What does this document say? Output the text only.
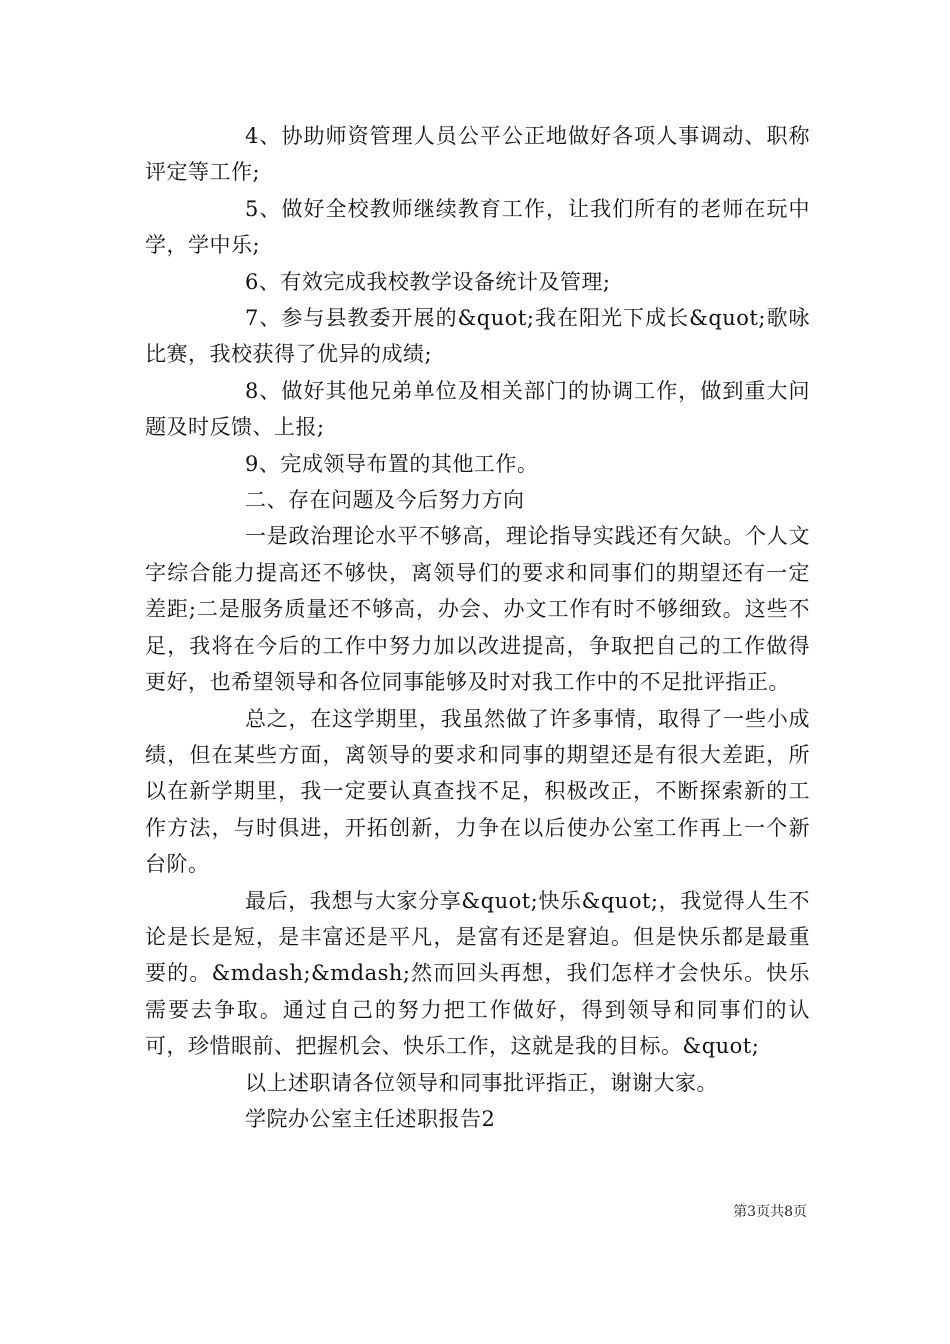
4、协助师资管理人员公平公正地做好各项人事调动、职称评定等工作;

5、做好全校教师继续教育工作，让我们所有的老师在玩中学，学中乐;

6、有效完成我校教学设备统计及管理;

7、参与县教委开展的&quot;我在阳光下成长&quot;歌咏比赛，我校获得了优异的成绩;

8、做好其他兄弟单位及相关部门的协调工作，做到重大问题及时反馈、上报;

9、完成领导布置的其他工作。

二、存在问题及今后努力方向

一是政治理论水平不够高，理论指导实践还有欠缺。个人文字综合能力提高还不够快，离领导们的要求和同事们的期望还有一定差距;二是服务质量还不够高，办会、办文工作有时不够细致。这些不足，我将在今后的工作中努力加以改进提高，争取把自己的工作做得更好，也希望领导和各位同事能够及时对我工作中的不足批评指正。

总之，在这学期里，我虽然做了许多事情，取得了一些小成绩，但在某些方面，离领导的要求和同事的期望还是有很大差距，所以在新学期里，我一定要认真查找不足，积极改正，不断探索新的工作方法，与时俱进，开拓创新，力争在以后使办公室工作再上一个新台阶。

最后，我想与大家分享&quot;快乐&quot;，我觉得人生不论是长是短，是丰富还是平凡，是富有还是窘迫。但是快乐都是最重要的。&mdash;&mdash;然而回头再想，我们怎样才会快乐。快乐需要去争取。通过自己的努力把工作做好，得到领导和同事们的认可，珍惜眼前、把握机会、快乐工作，这就是我的目标。&quot;

以上述职请各位领导和同事批评指正，谢谢大家。

学院办公室主任述职报告2

第3页共8页
